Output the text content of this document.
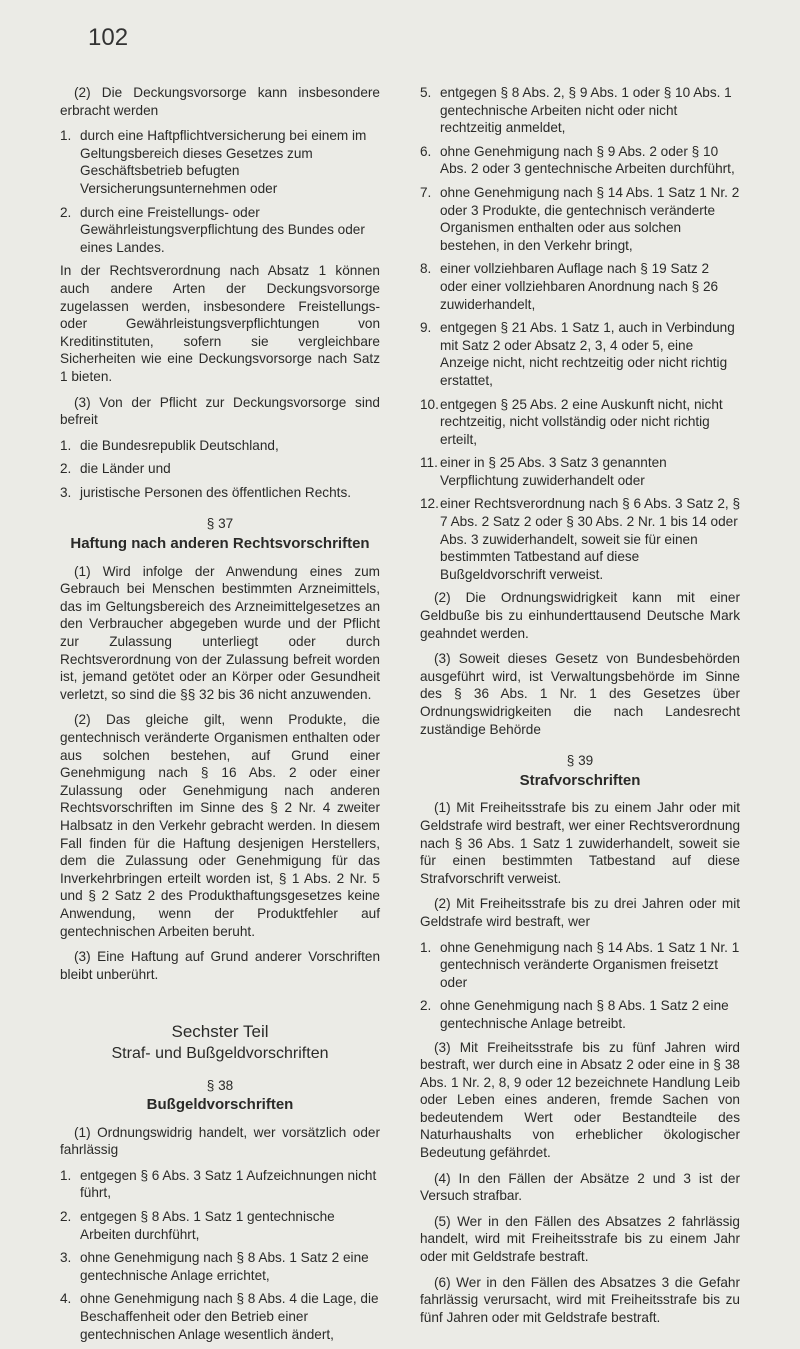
102

(2) Die Deckungsvorsorge kann insbesondere erbracht werden

1. durch eine Haftpflichtversicherung bei einem im Geltungsbereich dieses Gesetzes zum Geschäftsbetrieb befugten Versicherungsunternehmen oder
2. durch eine Freistellungs- oder Gewährleistungsverpflichtung des Bundes oder eines Landes.

In der Rechtsverordnung nach Absatz 1 können auch andere Arten der Deckungsvorsorge zugelassen werden, insbesondere Freistellungs- oder Gewährleistungsverpflichtungen von Kreditinstituten, sofern sie vergleichbare Sicherheiten wie eine Deckungsvorsorge nach Satz 1 bieten.

(3) Von der Pflicht zur Deckungsvorsorge sind befreit

1. die Bundesrepublik Deutschland,
2. die Länder und
3. juristische Personen des öffentlichen Rechts.
§ 37
Haftung nach anderen Rechtsvorschriften

(1) Wird infolge der Anwendung eines zum Gebrauch bei Menschen bestimmten Arzneimittels, das im Geltungsbereich des Arzneimittelgesetzes an den Verbraucher abgegeben wurde und der Pflicht zur Zulassung unterliegt oder durch Rechtsverordnung von der Zulassung befreit worden ist, jemand getötet oder an Körper oder Gesundheit verletzt, so sind die §§ 32 bis 36 nicht anzuwenden.

(2) Das gleiche gilt, wenn Produkte, die gentechnisch veränderte Organismen enthalten oder aus solchen bestehen, auf Grund einer Genehmigung nach § 16 Abs. 2 oder einer Zulassung oder Genehmigung nach anderen Rechtsvorschriften im Sinne des § 2 Nr. 4 zweiter Halbsatz in den Verkehr gebracht werden. In diesem Fall finden für die Haftung desjenigen Herstellers, dem die Zulassung oder Genehmigung für das Inverkehrbringen erteilt worden ist, § 1 Abs. 2 Nr. 5 und § 2 Satz 2 des Produkthaftungsgesetzes keine Anwendung, wenn der Produktfehler auf gentechnischen Arbeiten beruht.

(3) Eine Haftung auf Grund anderer Vorschriften bleibt unberührt.

Sechster Teil
Straf- und Bußgeldvorschriften
§ 38
Bußgeldvorschriften

(1) Ordnungswidrig handelt, wer vorsätzlich oder fahrlässig

1. entgegen § 6 Abs. 3 Satz 1 Aufzeichnungen nicht führt,
2. entgegen § 8 Abs. 1 Satz 1 gentechnische Arbeiten durchführt,
3. ohne Genehmigung nach § 8 Abs. 1 Satz 2 eine gentechnische Anlage errichtet,
4. ohne Genehmigung nach § 8 Abs. 4 die Lage, die Beschaffenheit oder den Betrieb einer gentechnischen Anlage wesentlich ändert,
5. entgegen § 8 Abs. 2, § 9 Abs. 1 oder § 10 Abs. 1 gentechnische Arbeiten nicht oder nicht rechtzeitig anmeldet,
6. ohne Genehmigung nach § 9 Abs. 2 oder § 10 Abs. 2 oder 3 gentechnische Arbeiten durchführt,
7. ohne Genehmigung nach § 14 Abs. 1 Satz 1 Nr. 2 oder 3 Produkte, die gentechnisch veränderte Organismen enthalten oder aus solchen bestehen, in den Verkehr bringt,
8. einer vollziehbaren Auflage nach § 19 Satz 2 oder einer vollziehbaren Anordnung nach § 26 zuwiderhandelt,
9. entgegen § 21 Abs. 1 Satz 1, auch in Verbindung mit Satz 2 oder Absatz 2, 3, 4 oder 5, eine Anzeige nicht, nicht rechtzeitig oder nicht richtig erstattet,
10. entgegen § 25 Abs. 2 eine Auskunft nicht, nicht rechtzeitig, nicht vollständig oder nicht richtig erteilt,
11. einer in § 25 Abs. 3 Satz 3 genannten Verpflichtung zuwiderhandelt oder
12. einer Rechtsverordnung nach § 6 Abs. 3 Satz 2, § 7 Abs. 2 Satz 2 oder § 30 Abs. 2 Nr. 1 bis 14 oder Abs. 3 zuwiderhandelt, soweit sie für einen bestimmten Tatbestand auf diese Bußgeldvorschrift verweist.

(2) Die Ordnungswidrigkeit kann mit einer Geldbuße bis zu einhunderttausend Deutsche Mark geahndet werden.

(3) Soweit dieses Gesetz von Bundesbehörden ausgeführt wird, ist Verwaltungsbehörde im Sinne des § 36 Abs. 1 Nr. 1 des Gesetzes über Ordnungswidrigkeiten die nach Landesrecht zuständige Behörde

§ 39
Strafvorschriften

(1) Mit Freiheitsstrafe bis zu einem Jahr oder mit Geldstrafe wird bestraft, wer einer Rechtsverordnung nach § 36 Abs. 1 Satz 1 zuwiderhandelt, soweit sie für einen bestimmten Tatbestand auf diese Strafvorschrift verweist.

(2) Mit Freiheitsstrafe bis zu drei Jahren oder mit Geldstrafe wird bestraft, wer

1. ohne Genehmigung nach § 14 Abs. 1 Satz 1 Nr. 1 gentechnisch veränderte Organismen freisetzt oder
2. ohne Genehmigung nach § 8 Abs. 1 Satz 2 eine gentechnische Anlage betreibt.

(3) Mit Freiheitsstrafe bis zu fünf Jahren wird bestraft, wer durch eine in Absatz 2 oder eine in § 38 Abs. 1 Nr. 2, 8, 9 oder 12 bezeichnete Handlung Leib oder Leben eines anderen, fremde Sachen von bedeutendem Wert oder Bestandteile des Naturhaushalts von erheblicher ökologischer Bedeutung gefährdet.

(4) In den Fällen der Absätze 2 und 3 ist der Versuch strafbar.

(5) Wer in den Fällen des Absatzes 2 fahrlässig handelt, wird mit Freiheitsstrafe bis zu einem Jahr oder mit Geldstrafe bestraft.

(6) Wer in den Fällen des Absatzes 3 die Gefahr fahrlässig verursacht, wird mit Freiheitsstrafe bis zu fünf Jahren oder mit Geldstrafe bestraft.
